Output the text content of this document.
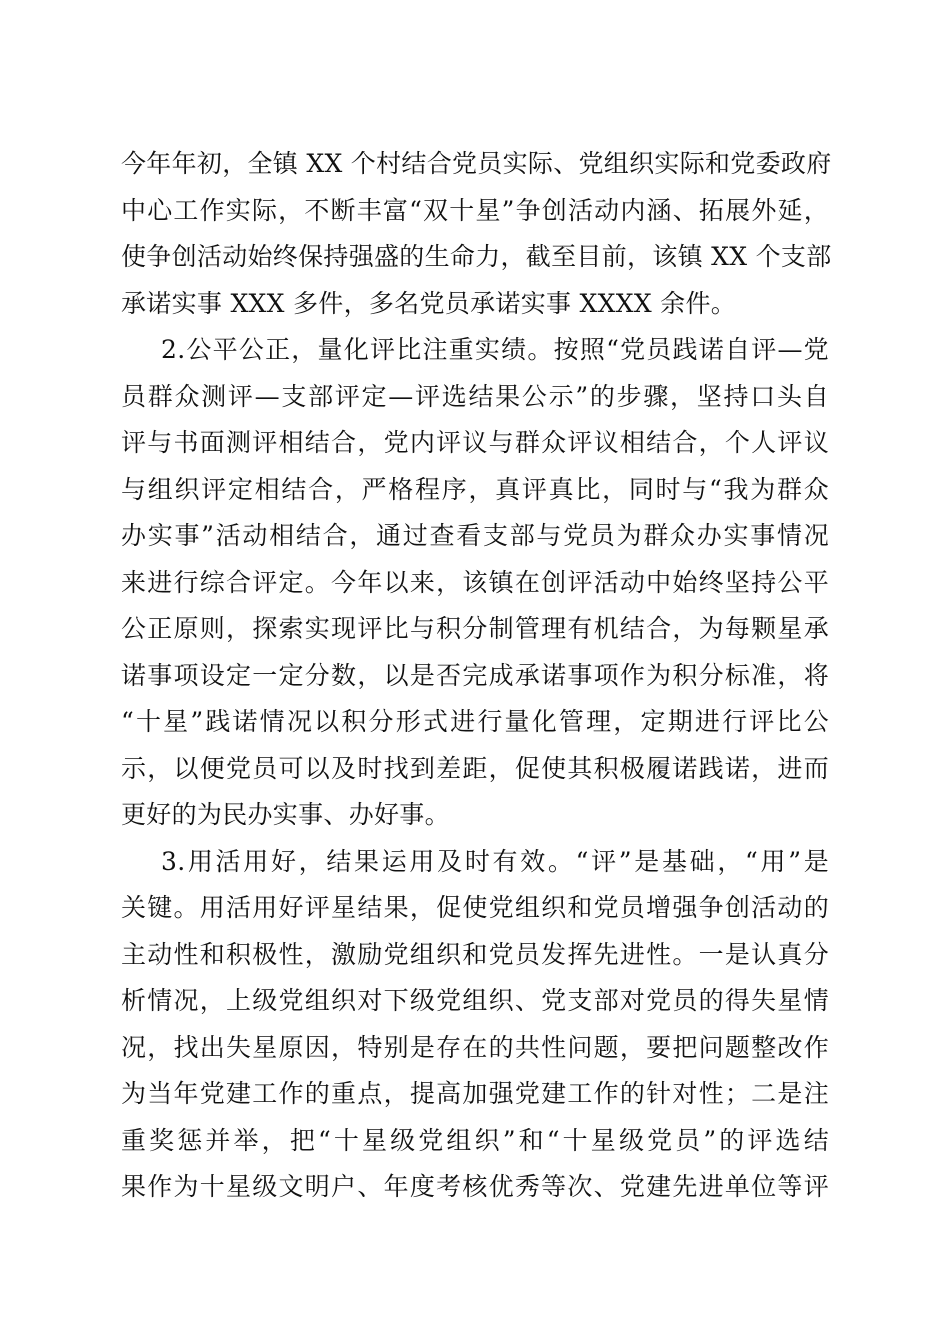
今年年初，全镇 XX 个村结合党员实际、党组织实际和党委政府
中心工作实际，不断丰富“双十星”争创活动内涵、拓展外延，
使争创活动始终保持强盛的生命力，截至目前，该镇 XX 个支部
承诺实事 XXX 多件，多名党员承诺实事 XXXX 余件。
2.公平公正，量化评比注重实绩。按照“党员践诺自评—党
员群众测评—支部评定—评选结果公示”的步骤，坚持口头自
评与书面测评相结合，党内评议与群众评议相结合，个人评议
与组织评定相结合，严格程序，真评真比，同时与“我为群众
办实事”活动相结合，通过查看支部与党员为群众办实事情况
来进行综合评定。今年以来，该镇在创评活动中始终坚持公平
公正原则，探索实现评比与积分制管理有机结合，为每颗星承
诺事项设定一定分数，以是否完成承诺事项作为积分标准，将
“十星”践诺情况以积分形式进行量化管理，定期进行评比公
示，以便党员可以及时找到差距，促使其积极履诺践诺，进而
更好的为民办实事、办好事。
3.用活用好，结果运用及时有效。“评”是基础，“用”是
关键。用活用好评星结果，促使党组织和党员增强争创活动的
主动性和积极性，激励党组织和党员发挥先进性。一是认真分
析情况，上级党组织对下级党组织、党支部对党员的得失星情
况，找出失星原因，特别是存在的共性问题，要把问题整改作
为当年党建工作的重点，提高加强党建工作的针对性；二是注
重奖惩并举，把“十星级党组织”和“十星级党员”的评选结
果作为十星级文明户、年度考核优秀等次、党建先进单位等评
